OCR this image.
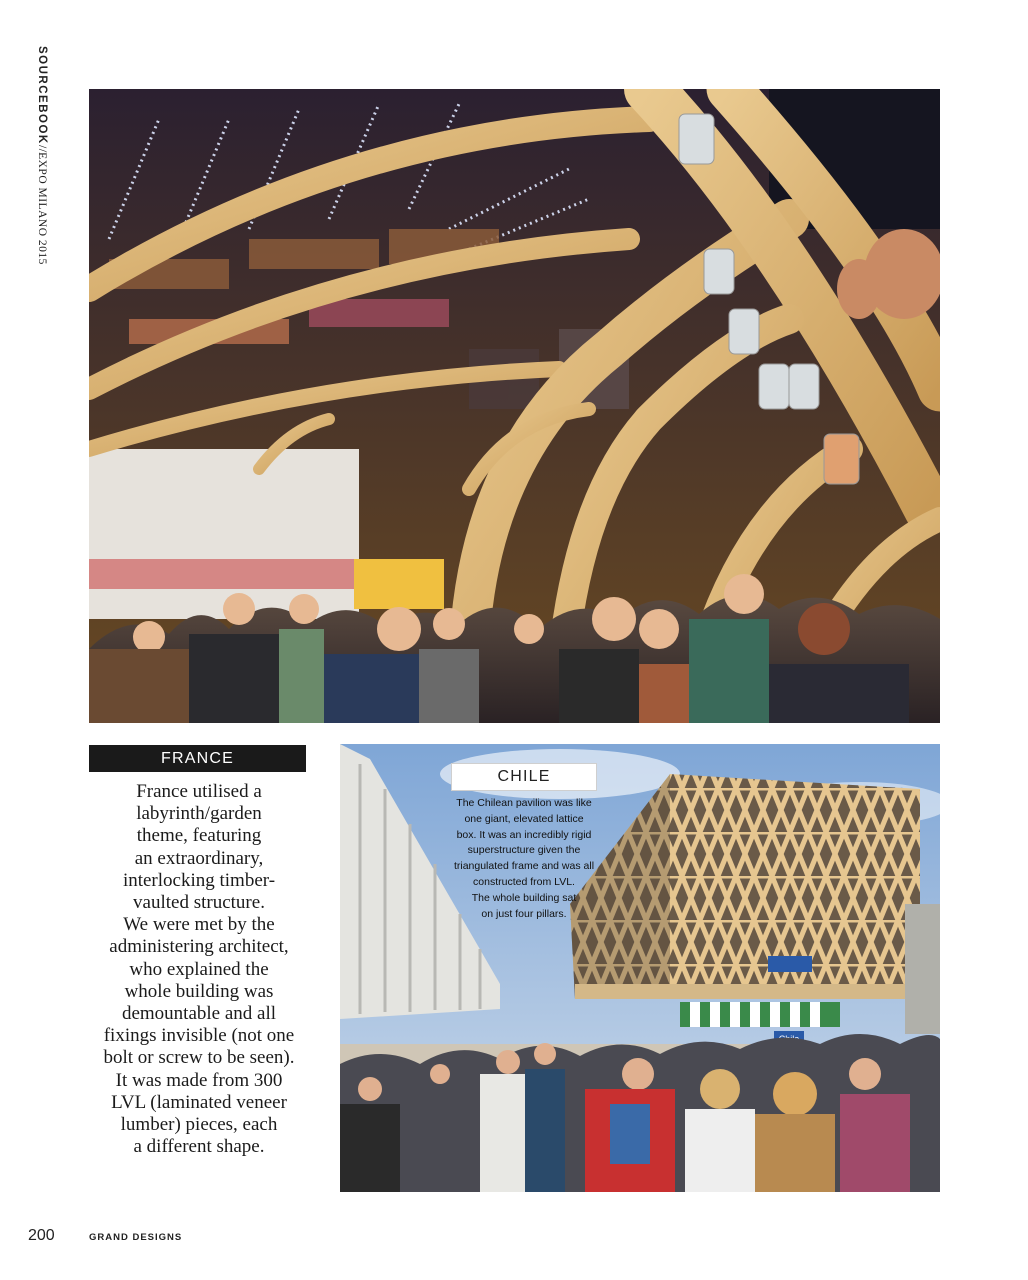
SOURCEBOOK//EXPO MILANO 2015
FRANCE
France utilised a
labyrinth/garden
theme, featuring
an extraordinary,
interlocking timber-
vaulted structure.
We were met by the
administering architect,
who explained the
whole building was
demountable and all
fixings invisible (not one
bolt or screw to be seen).
It was made from 300
LVL (laminated veneer
lumber) pieces, each
a different shape.
CHILE
The Chilean pavilion was like
one giant, elevated lattice
box. It was an incredibly rigid
superstructure given the
triangulated frame and was all
constructed from LVL.
The whole building sat
on just four pillars.
200	GRAND DESIGNS
